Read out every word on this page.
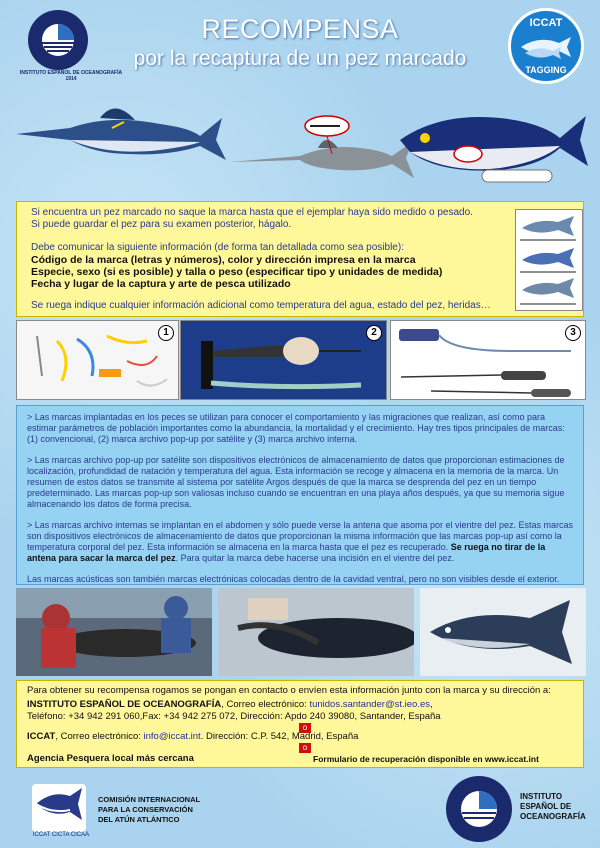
INSTITUTO ESPAÑOL DE OCEANOGRAFÍA 1914
RECOMPENSA
por la recaptura de un pez marcado
ICCAT
TAGGING

Si encuentra un pez marcado no saque la marca hasta que el ejemplar haya sido medido o pesado.

Si puede guardar el pez para su examen posterior, hágalo.

Debe comunicar la siguiente información (de forma tan detallada como sea posible):

Código de la marca (letras y números), color y dirección impresa en la marca

Especie, sexo (si es posible) y talla o peso (especificar tipo y unidades de medida)

Fecha y lugar de la captura y arte de pesca utilizado

Se ruega indique cualquier información adicional como temperatura del agua, estado del pez, heridas…

1	2	3

> Las marcas implantadas en los peces se utilizan para conocer el comportamiento y las migraciones que realizan, así como para estimar parámetros de población importantes como la abundancia, la mortalidad y el crecimiento. Hay tres tipos principales de marcas: (1) convencional, (2) marca archivo pop-up por satélite y (3) marca archivo interna.

> Las marcas archivo pop-up por satélite son dispositivos electrónicos de almacenamiento de datos que proporcionan estimaciones de localización, profundidad de natación y temperatura del agua. Esta información se recoge y almacena en la memoria de la marca. Un resumen de estos datos se transmite al sistema por satélite Argos después de que la marca se desprenda del pez en un tiempo predeterminado. Las marcas pop-up son valiosas incluso cuando se encuentran en una playa años después, ya que su memoria sigue almacenando los datos de forma precisa.

> Las marcas archivo internas se implantan en el abdomen y sólo puede verse la antena que asoma por el vientre del pez. Estas marcas son dispositivos electrónicos de almacenamiento de datos que proporcionan la misma información que las marcas pop-up así como la temperatura corporal del pez. Esta información se almacena en la marca hasta que el pez es recuperado. Se ruega no tirar de la antena para sacar la marca del pez. Para quitar la marca debe hacerse una incisión en el vientre del pez.

Las marcas acústicas son también marcas electrónicas colocadas dentro de la cavidad ventral, pero no son visibles desde el exterior.

Para obtener su recompensa rogamos se pongan en contacto o envíen esta información junto con la marca y su dirección a:
INSTITUTO ESPAÑOL DE OCEANOGRAFÍA, Correo electrónico: tunidos.santander@st.ieo.es,
Teléfono: +34 942 291 060,Fax: +34 942 275 072, Dirección: Apdo 240 39080, Santander, España
o
ICCAT, Correo electrónico: info@iccat.int. Dirección: C.P. 542, Madrid, España
o
Agencia Pesquera local más cercana	Formulario de recuperación disponible en www.iccat.int
ICCAT CICTA CICAA
COMISIÓN INTERNACIONAL
PARA LA CONSERVACIÓN
DEL ATÚN ATLÁNTICO
INSTITUTO
ESPAÑOL DE
OCEANOGRAFÍA
